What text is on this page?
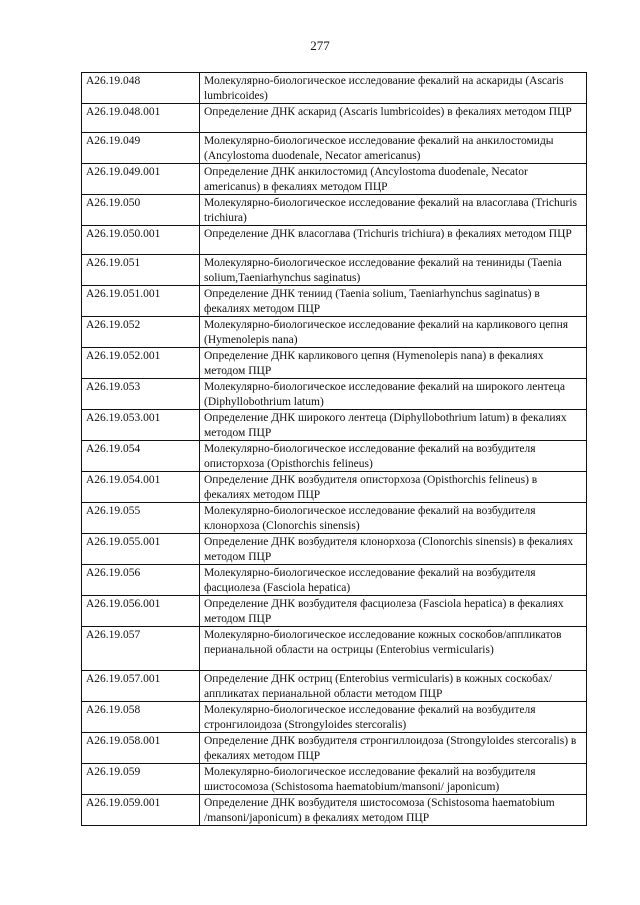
277
A26.19.048	Молекулярно-биологическое исследование фекалий на аскариды (Ascaris lumbricoides)
A26.19.048.001	Определение ДНК аскарид (Ascaris lumbricoides) в фекалиях методом ПЦР
A26.19.049	Молекулярно-биологическое исследование фекалий на анкилостомиды (Ancylostoma duodenale, Necator americanus)
A26.19.049.001	Определение ДНК анкилостомид (Ancylostoma duodenale, Necator americanus) в фекалиях методом ПЦР
A26.19.050	Молекулярно-биологическое исследование фекалий на власоглава (Trichuris trichiura)
A26.19.050.001	Определение ДНК власоглава (Trichuris trichiura) в фекалиях методом ПЦР
A26.19.051	Молекулярно-биологическое исследование фекалий на тениниды (Taenia solium,Taeniarhynchus saginatus)
A26.19.051.001	Определение ДНК тениид (Taenia solium, Taeniarhynchus saginatus) в фекалиях методом ПЦР
A26.19.052	Молекулярно-биологическое исследование фекалий на карликового цепня (Hymenolepis nana)
A26.19.052.001	Определение ДНК карликового цепня (Hymenolepis nana) в фекалиях методом ПЦР
A26.19.053	Молекулярно-биологическое исследование фекалий на широкого лентеца (Diphyllobothrium latum)
A26.19.053.001	Определение ДНК широкого лентеца (Diphyllobothrium latum) в фекалиях методом ПЦР
A26.19.054	Молекулярно-биологическое исследование фекалий на возбудителя описторхоза (Opisthorchis felineus)
A26.19.054.001	Определение ДНК возбудителя описторхоза (Opisthorchis felineus) в фекалиях методом ПЦР
A26.19.055	Молекулярно-биологическое исследование фекалий на возбудителя клонорхоза (Clonorchis sinensis)
A26.19.055.001	Определение ДНК возбудителя клонорхоза (Clonorchis sinensis) в фекалиях методом ПЦР
A26.19.056	Молекулярно-биологическое исследование фекалий на возбудителя фасциолеза (Fasciola hepatica)
A26.19.056.001	Определение ДНК возбудителя фасциолеза (Fasciola hepatica) в фекалиях методом ПЦР
A26.19.057	Молекулярно-биологическое исследование кожных соскобов/аппликатов перианальной области на острицы (Enterobius vermicularis)
A26.19.057.001	Определение ДНК остриц (Enterobius vermicularis) в кожных соскобах/аппликатах перианальной области методом ПЦР
A26.19.058	Молекулярно-биологическое исследование фекалий на возбудителя стронгилоидоза (Strongyloides stercoralis)
A26.19.058.001	Определение ДНК возбудителя стронгиллоидоза (Strongyloides stercoralis) в фекалиях методом ПЦР
A26.19.059	Молекулярно-биологическое исследование фекалий на возбудителя шистосомоза (Schistosoma haematobium/mansoni/ japonicum)
A26.19.059.001	Определение ДНК возбудителя шистосомоза (Schistosoma haematobium /mansoni/japonicum) в фекалиях методом ПЦР
